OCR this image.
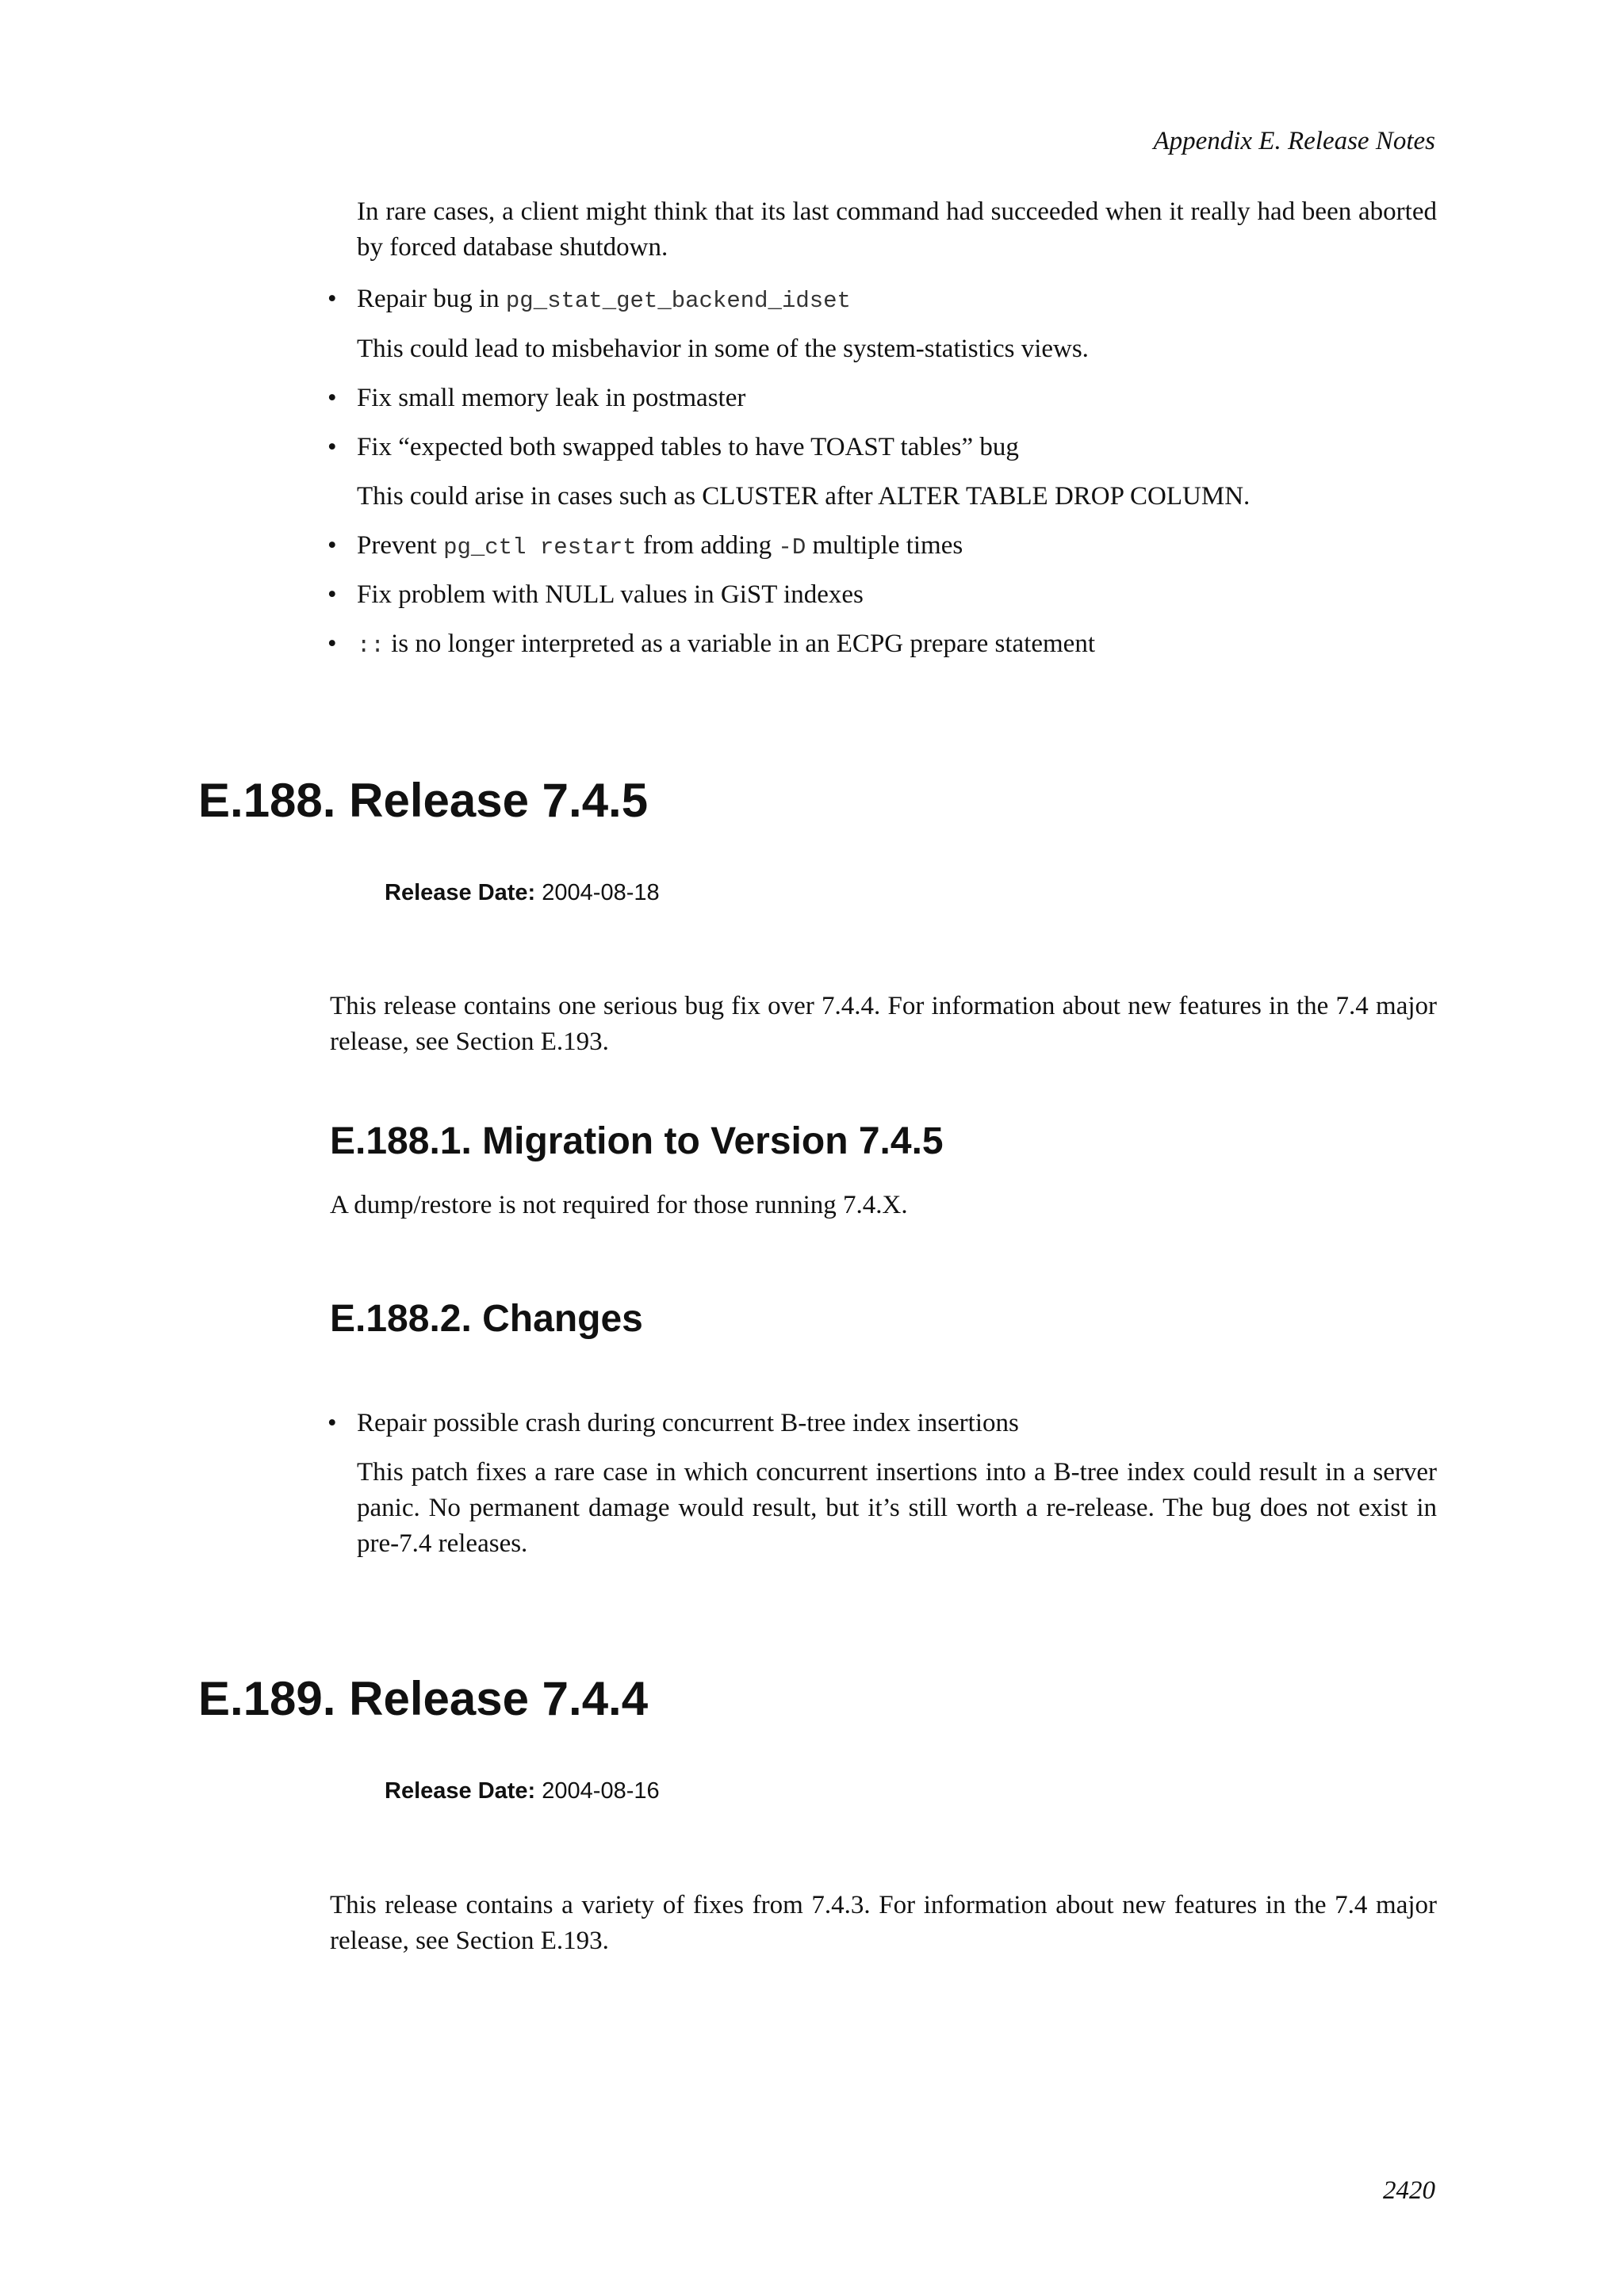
Appendix E. Release Notes
In rare cases, a client might think that its last command had succeeded when it really had been aborted by forced database shutdown.
• Repair bug in pg_stat_get_backend_idset
This could lead to misbehavior in some of the system-statistics views.
• Fix small memory leak in postmaster
• Fix “expected both swapped tables to have TOAST tables” bug
This could arise in cases such as CLUSTER after ALTER TABLE DROP COLUMN.
• Prevent pg_ctl restart from adding -D multiple times
• Fix problem with NULL values in GiST indexes
• :: is no longer interpreted as a variable in an ECPG prepare statement
E.188. Release 7.4.5
Release Date: 2004-08-18
This release contains one serious bug fix over 7.4.4. For information about new features in the 7.4 major release, see Section E.193.
E.188.1. Migration to Version 7.4.5
A dump/restore is not required for those running 7.4.X.
E.188.2. Changes
• Repair possible crash during concurrent B-tree index insertions
This patch fixes a rare case in which concurrent insertions into a B-tree index could result in a server panic. No permanent damage would result, but it’s still worth a re-release. The bug does not exist in pre-7.4 releases.
E.189. Release 7.4.4
Release Date: 2004-08-16
This release contains a variety of fixes from 7.4.3. For information about new features in the 7.4 major release, see Section E.193.
2420
